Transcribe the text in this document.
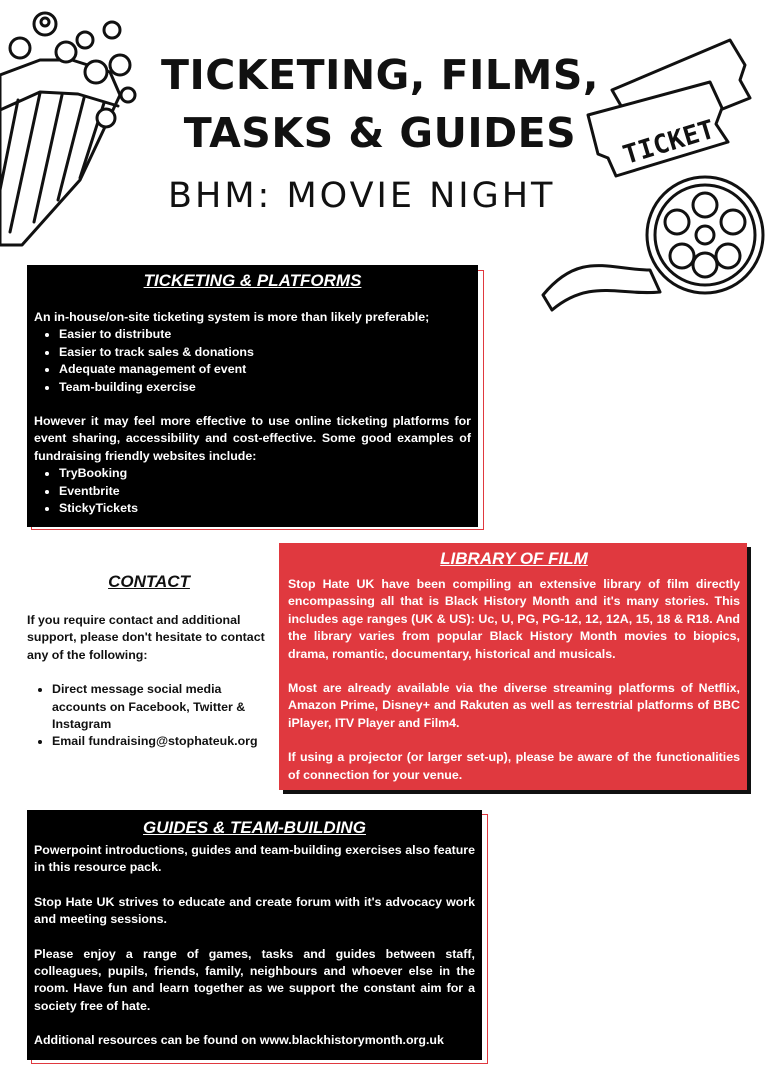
TICKET
TICKETING, FILMS,
TASKS & GUIDES
BHM: MOVIE NIGHT
TICKETING & PLATFORMS

An in-house/on-site ticketing system is more than likely preferable;

• Easier to distribute
• Easier to track sales & donations
• Adequate management of event
• Team-building exercise

However it may feel more effective to use online ticketing platforms for event sharing, accessibility and cost-effective. Some good examples of fundraising friendly websites include:

• TryBooking
• Eventbrite
• StickyTickets
CONTACT

If you require contact and additional support, please don't hesitate to contact any of the following:

• Direct message social media accounts on Facebook, Twitter & Instagram
• Email fundraising@stophateuk.org
LIBRARY OF FILM

Stop Hate UK have been compiling an extensive library of film directly encompassing all that is Black History Month and it's many stories. This includes age ranges (UK & US): Uc, U, PG, PG-12, 12, 12A, 15, 18 & R18. And the library varies from popular Black History Month movies to biopics, drama, romantic, documentary, historical and musicals.

Most are already available via the diverse streaming platforms of Netflix, Amazon Prime, Disney+ and Rakuten as well as terrestrial platforms of BBC iPlayer, ITV Player and Film4.

If using a projector (or larger set-up), please be aware of the functionalities of connection for your venue.

GUIDES & TEAM-BUILDING

Powerpoint introductions, guides and team-building exercises also feature in this resource pack.

Stop Hate UK strives to educate and create forum with it's advocacy work and meeting sessions.

Please enjoy a range of games, tasks and guides between staff, colleagues, pupils, friends, family, neighbours and whoever else in the room. Have fun and learn together as we support the constant aim for a society free of hate.

Additional resources can be found on www.blackhistorymonth.org.uk
